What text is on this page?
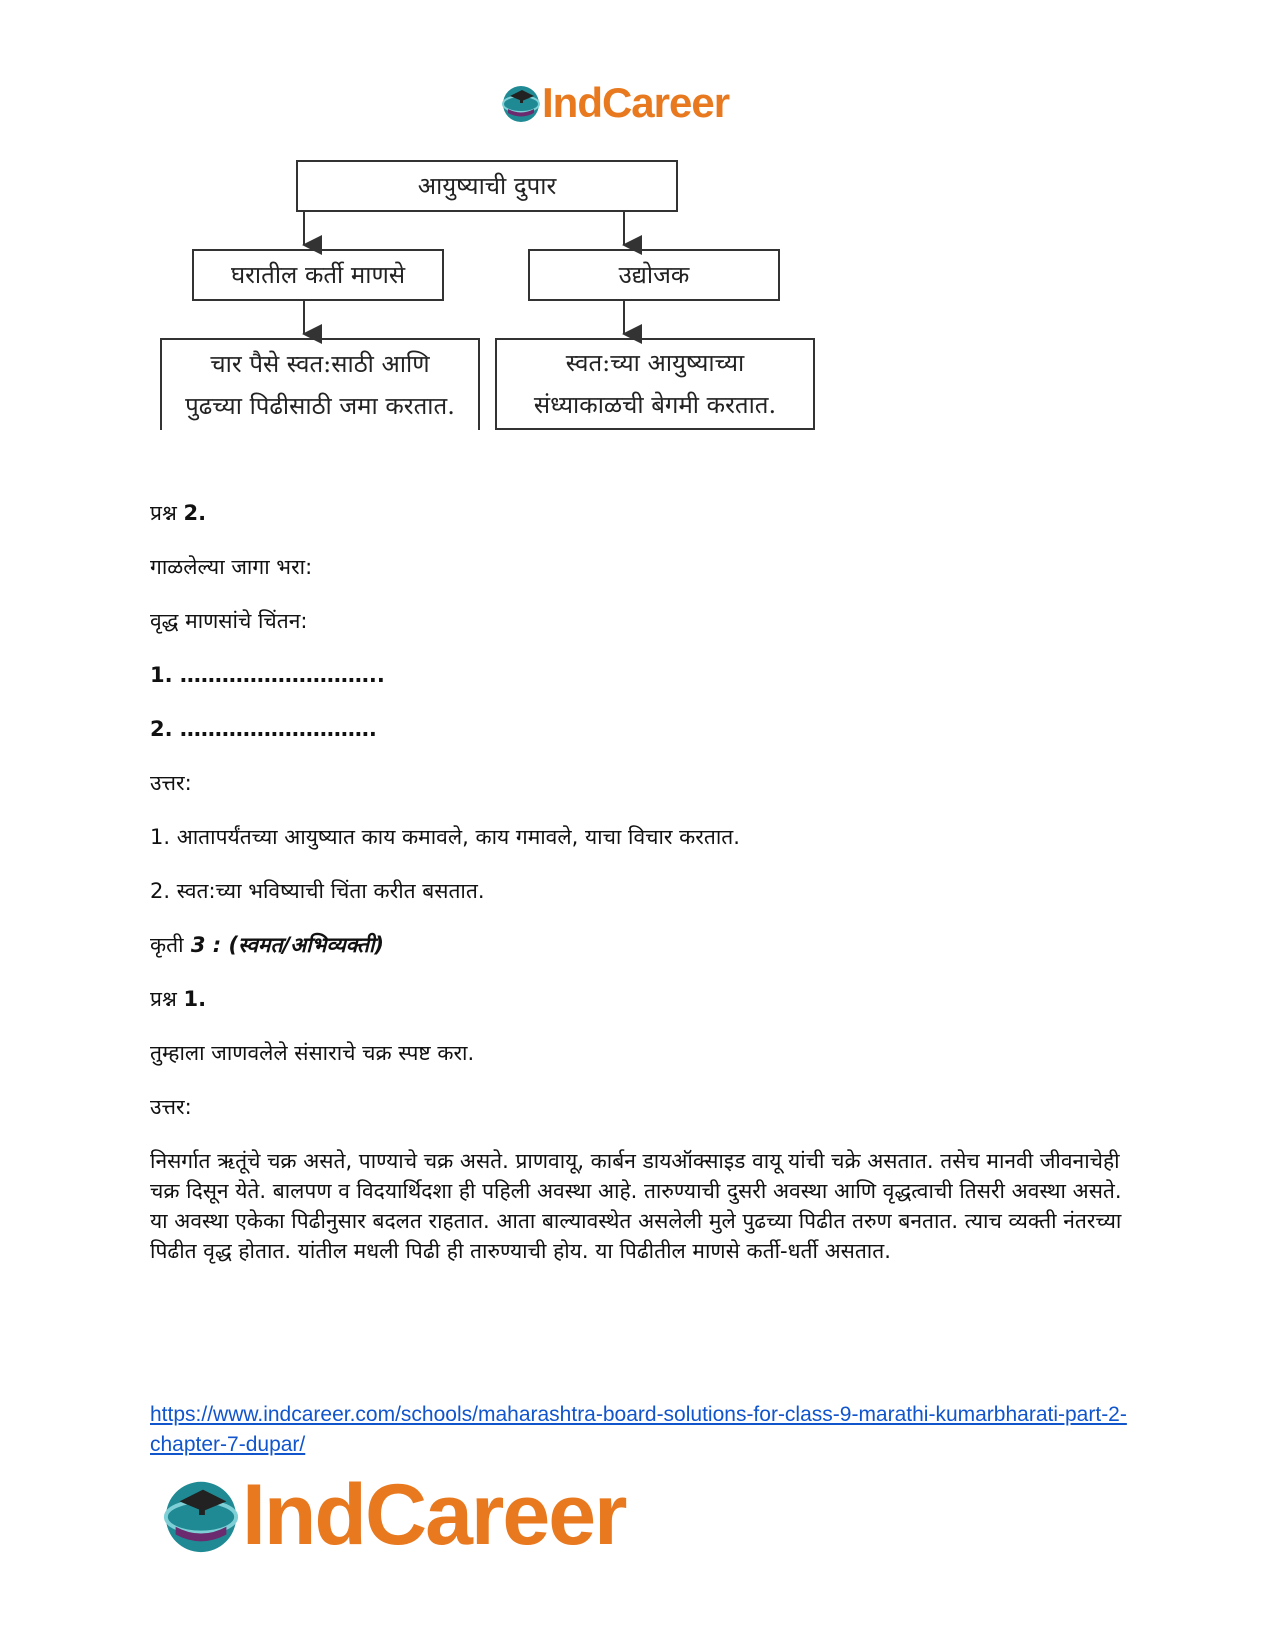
IndCareer
आयुष्याची दुपार
घरातील कर्ती माणसे	उद्योजक
चार पैसे स्वत:साठी आणि
पुढच्या पिढीसाठी जमा करतात.
स्वत:च्या आयुष्याच्या
संध्याकाळची बेगमी करतात.

प्रश्न 2.

गाळलेल्या जागा भरा:

वृद्ध माणसांचे चिंतन:

1. ………………………..

2. ……………………….

उत्तर:

1. आतापर्यंतच्या आयुष्यात काय कमावले, काय गमावले, याचा विचार करतात.

2. स्वत:च्या भविष्याची चिंता करीत बसतात.

कृती 3 : (स्वमत/अभिव्यक्ती)

प्रश्न 1.

तुम्हाला जाणवलेले संसाराचे चक्र स्पष्ट करा.

उत्तर:

निसर्गात ऋतूंचे चक्र असते, पाण्याचे चक्र असते. प्राणवायू, कार्बन डायऑक्साइड वायू यांची चक्रे असतात. तसेच मानवी जीवनाचेही चक्र दिसून येते. बालपण व विदयार्थिदशा ही पहिली अवस्था आहे. तारुण्याची दुसरी अवस्था आणि वृद्धत्वाची तिसरी अवस्था असते. या अवस्था एकेका पिढीनुसार बदलत राहतात. आता बाल्यावस्थेत असलेली मुले पुढच्या पिढीत तरुण बनतात. त्याच व्यक्ती नंतरच्या पिढीत वृद्ध होतात. यांतील मधली पिढी ही तारुण्याची होय. या पिढीतील माणसे कर्ती-धर्ती असतात.

https://www.indcareer.com/schools/maharashtra-board-solutions-for-class-9-marathi-kumarbharati-part-2-chapter-7-dupar/
IndCareer
